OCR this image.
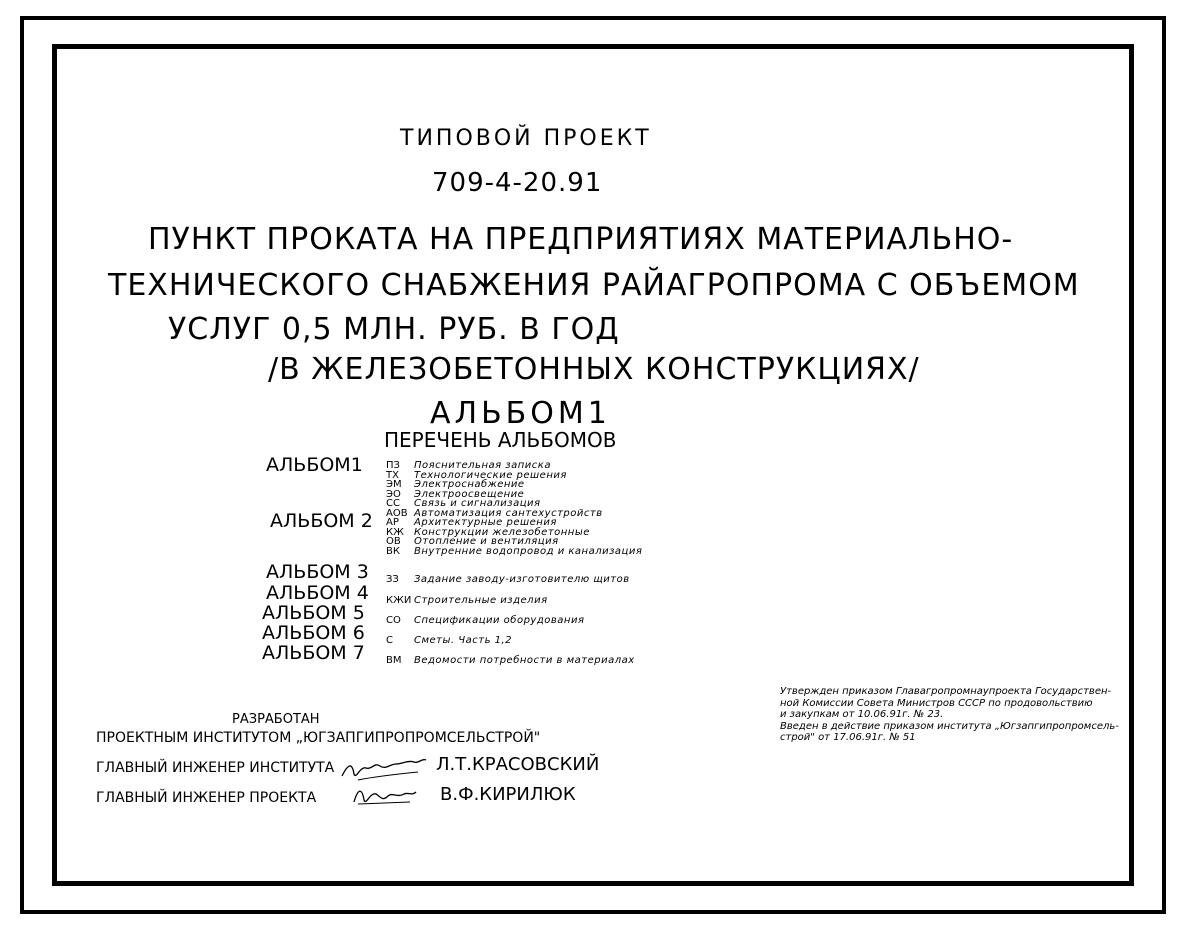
ТИПОВОЙ ПРОЕКТ
709-4-20.91
ПУНКТ ПРОКАТА НА ПРЕДПРИЯТИЯХ МАТЕРИАЛЬНО-
ТЕХНИЧЕСКОГО СНАБЖЕНИЯ РАЙАГРОПРОМА С ОБЪЕМОМ
УСЛУГ 0,5 МЛН. РУБ. В ГОД
/В ЖЕЛЕЗОБЕТОННЫХ КОНСТРУКЦИЯХ/
АЛЬБОМ1
ПЕРЕЧЕНЬ АЛЬБОМОВ
АЛЬБОМ1 ПЗ Пояснительная записка
ТХ Технологические решения
ЭМ Электроснабжение
ЭО Электроосвещение
СС Связь и сигнализация
АОВ Автоматизация сантехустройств
АЛЬБОМ 2 АР Архитектурные решения
КЖ Конструкции железобетонные
ОВ Отопление и вентиляция
ВК Внутренние водопровод и канализация
АЛЬБОМ 3 ЗЗ Задание заводу-изготовителю щитов
АЛЬБОМ 4 КЖИ Строительные изделия
АЛЬБОМ 5 СО Спецификации оборудования
АЛЬБОМ 6 С Сметы. Часть 1,2
АЛЬБОМ 7 ВМ Ведомости потребности в материалах
РАЗРАБОТАН
ПРОЕКТНЫМ ИНСТИТУТОМ „ЮГЗАПГИПРОПРОМСЕЛЬСТРОЙ"
ГЛАВНЫЙ ИНЖЕНЕР ИНСТИТУТА	Л.Т.КРАСОВСКИЙ
ГЛАВНЫЙ ИНЖЕНЕР ПРОЕКТА	В.Ф.КИРИЛЮК
Утвержден приказом Главагропромнаупроекта Государствен-
ной Комиссии Совета Министров СССР по продовольствию
и закупкам от 10.06.91г. № 23.
Введен в действие приказом института „Югзапгипропромсель-
строй" от 17.06.91г. № 51
